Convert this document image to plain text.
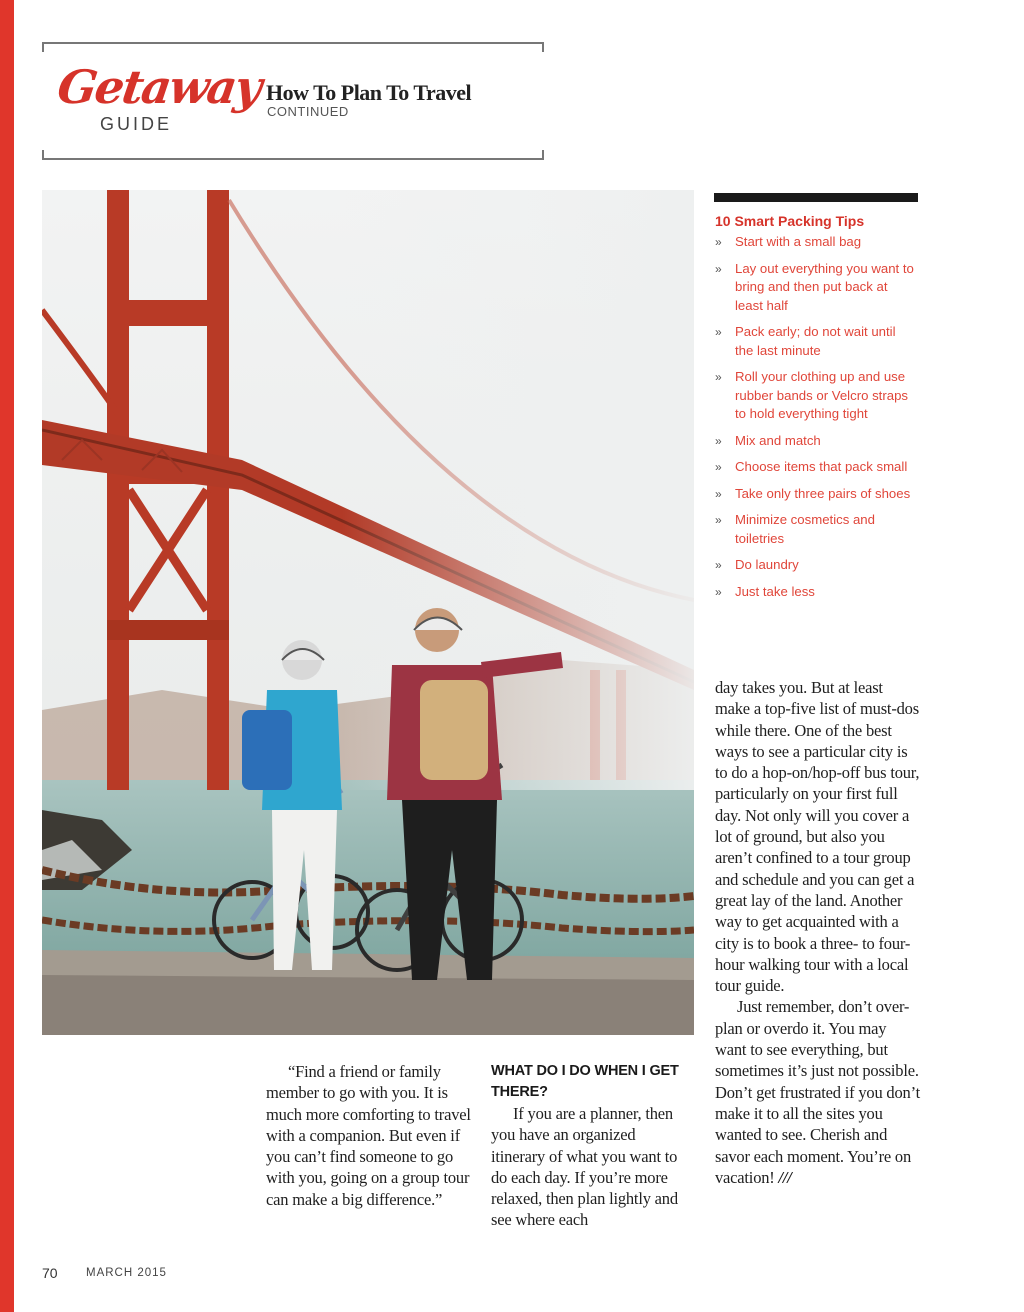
Getaway
GUIDE
How To Plan To Travel
CONTINUED
10 Smart Packing Tips
» Start with a small bag
» Lay out everything you want to bring and then put back at least half
» Pack early; do not wait until the last minute
» Roll your clothing up and use rubber bands or Velcro straps to hold everything tight
» Mix and match
» Choose items that pack small
» Take only three pairs of shoes
» Minimize cosmetics and toiletries
» Do laundry
» Just take less

“Find a friend or family member to go with you. It is much more comforting to travel with a companion. But even if you can’t find someone to go with you, going on a group tour can make a big difference.”

WHAT DO I DO WHEN I GET THERE?

If you are a planner, then you have an organized itinerary of what you want to do each day. If you’re more relaxed, then plan lightly and see where each

day takes you. But at least make a top-five list of must-dos while there. One of the best ways to see a particular city is to do a hop-on/hop-off bus tour, particularly on your first full day. Not only will you cover a lot of ground, but also you aren’t confined to a tour group and schedule and you can get a great lay of the land. Another way to get acquainted with a city is to book a three- to four-hour walking tour with a local tour guide.

Just remember, don’t over-plan or overdo it. You may want to see everything, but sometimes it’s just not possible. Don’t get frustrated if you don’t make it to all the sites you wanted to see. Cherish and savor each moment. You’re on vacation! ///

70 MARCH 2015
